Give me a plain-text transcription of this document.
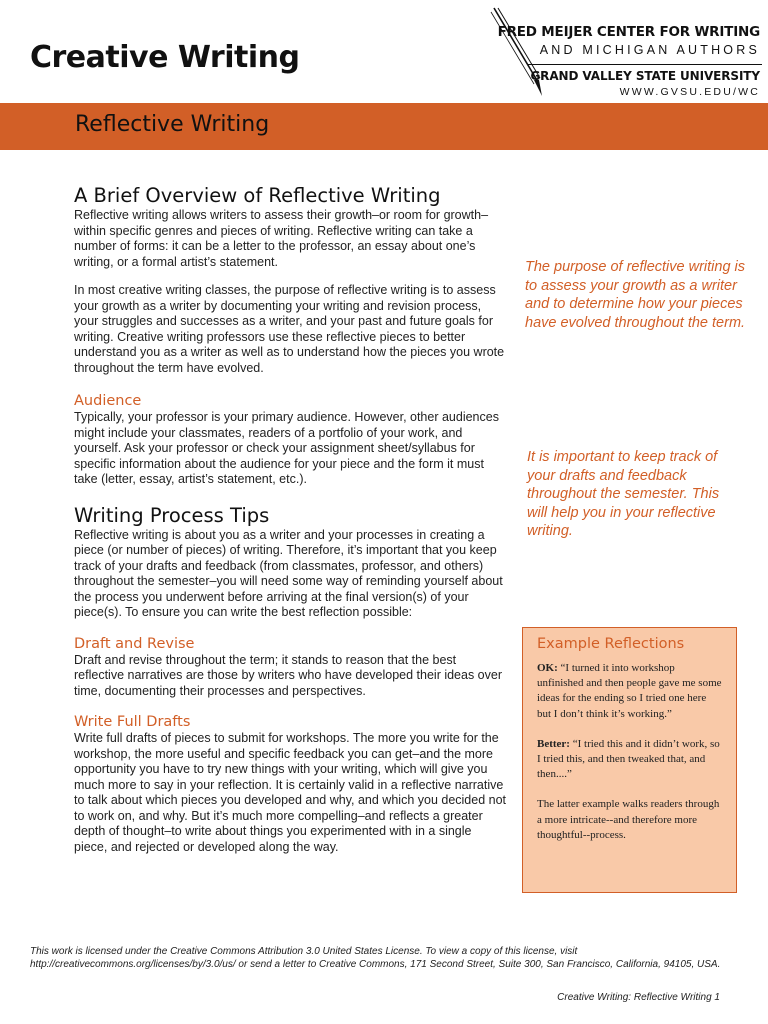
Creative Writing
FRED MEIJER CENTER FOR WRITING
AND MICHIGAN AUTHORS
GRAND VALLEY STATE UNIVERSITY
WWW.GVSU.EDU/WC
Reflective Writing
A Brief Overview of Reflective Writing

Reflective writing allows writers to assess their growth–or room for growth–within specific genres and pieces of writing. Reflective writing can take a number of forms: it can be a letter to the professor, an essay about one’s writing, or a formal artist’s statement.

In most creative writing classes, the purpose of reflective writing is to assess your growth as a writer by documenting your writing and revision process, your struggles and successes as a writer, and your past and future goals for writing. Creative writing professors use these reflective pieces to better understand you as a writer as well as to understand how the pieces you wrote throughout the term have evolved.

Audience

Typically, your professor is your primary audience. However, other audiences might include your classmates, readers of a portfolio of your work, and yourself. Ask your professor or check your assignment sheet/syllabus for specific information about the audience for your piece and the form it must take (letter, essay, artist’s statement, etc.).

Writing Process Tips

Reflective writing is about you as a writer and your processes in creating a piece (or number of pieces) of writing. Therefore, it’s important that you keep track of your drafts and feedback (from classmates, professor, and others) throughout the semester–you will need some way of reminding yourself about the process you underwent before arriving at the final version(s) of your piece(s). To ensure you can write the best reflection possible:

Draft and Revise

Draft and revise throughout the term; it stands to reason that the best reflective narratives are those by writers who have developed their ideas over time, documenting their processes and perspectives.

Write Full Drafts

Write full drafts of pieces to submit for workshops. The more you write for the workshop, the more useful and specific feedback you can get–and the more opportunity you have to try new things with your writing, which will give you much more to say in your reflection. It is certainly valid in a reflective narrative to talk about which pieces you developed and why, and which you decided not to work on, and why. But it’s much more compelling–and reflects a greater depth of thought–to write about things you experimented with in a single piece, and rejected or developed along the way.

The purpose of reflective writing is to assess your growth as a writer and to determine how your pieces have evolved throughout the term.
It is important to keep track of your drafts and feedback throughout the semester. This will help you in your reflective writing.
Example Reflections

OK: “I turned it into workshop unfinished and then people gave me some ideas for the ending so I tried one here but I don’t think it’s working.”

Better: “I tried this and it didn’t work, so I tried this, and then tweaked that, and then....”

The latter example walks readers through a more intricate--and therefore more thoughtful--process.

This work is licensed under the Creative Commons Attribution 3.0 United States License. To view a copy of this license, visit http://creativecommons.org/licenses/by/3.0/us/ or send a letter to Creative Commons, 171 Second Street, Suite 300, San Francisco, California, 94105, USA.
Creative Writing: Reflective Writing 1
